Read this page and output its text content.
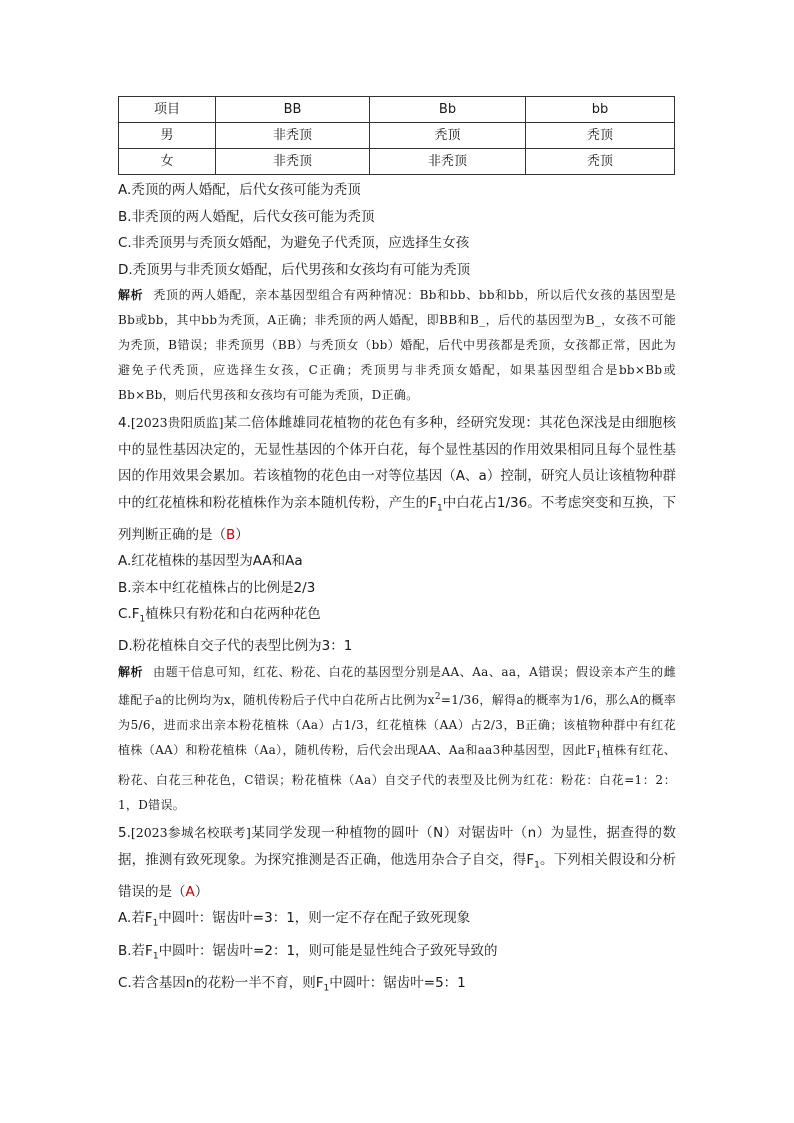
项目	BB	Bb	bb
男	非秃顶	秃顶	秃顶
女	非秃顶	非秃顶	秃顶
A.秃顶的两人婚配，后代女孩可能为秃顶
B.非秃顶的两人婚配，后代女孩可能为秃顶
C.非秃顶男与秃顶女婚配，为避免子代秃顶，应选择生女孩
D.秃顶男与非秃顶女婚配，后代男孩和女孩均有可能为秃顶
解析 秃顶的两人婚配，亲本基因型组合有两种情况：Bb和bb、bb和bb，所以后代女孩的基因型是Bb或bb，其中bb为秃顶，A正确；非秃顶的两人婚配，即BB和B_，后代的基因型为B_，女孩不可能为秃顶，B错误；非秃顶男（BB）与秃顶女（bb）婚配，后代中男孩都是秃顶，女孩都正常，因此为避免子代秃顶，应选择生女孩，C正确；秃顶男与非秃顶女婚配，如果基因型组合是bb×Bb或Bb×Bb，则后代男孩和女孩均有可能为秃顶，D正确。
4.[2023贵阳质监]某二倍体雌雄同花植物的花色有多种，经研究发现：其花色深浅是由细胞核中的显性基因决定的，无显性基因的个体开白花，每个显性基因的作用效果相同且每个显性基因的作用效果会累加。若该植物的花色由一对等位基因（A、a）控制，研究人员让该植物种群中的红花植株和粉花植株作为亲本随机传粉，产生的$F_1$中白花占1/36。不考虑突变和互换，下列判断正确的是（B）
A.红花植株的基因型为AA和Aa
B.亲本中红花植株占的比例是2/3
$C.F_1$植株只有粉花和白花两种花色
D.粉花植株自交子代的表型比例为3：1
解析 由题干信息可知，红花、粉花、白花的基因型分别是AA、Aa、aa，A错误；假设亲本产生的雌雄配子a的比例均为x，随机传粉后子代中白花所占比例为$x^2=1/36$，解得a的概率为1/6，那么A的概率为5/6，进而求出亲本粉花植株（Aa）占1/3，红花植株（AA）占2/3，B正确；该植物种群中有红花植株（AA）和粉花植株（Aa），随机传粉，后代会出现AA、Aa和aa3种基因型，因此$F_1$植株有红花、粉花、白花三种花色，C错误；粉花植株（Aa）自交子代的表型及比例为红花：粉花：白花=1：2：1，D错误。
5.[2023参城名校联考]某同学发现一种植物的圆叶（N）对锯齿叶（n）为显性，据查得的数据，推测有致死现象。为探究推测是否正确，他选用杂合子自交，得$F_1$。下列相关假设和分析错误的是（A）
A.若$F_1$中圆叶：锯齿叶=3：1，则一定不存在配子致死现象
B.若$F_1$中圆叶：锯齿叶=2：1，则可能是显性纯合子致死导致的
C.若含基因n的花粉一半不育，则$F_1$中圆叶：锯齿叶=5：1
